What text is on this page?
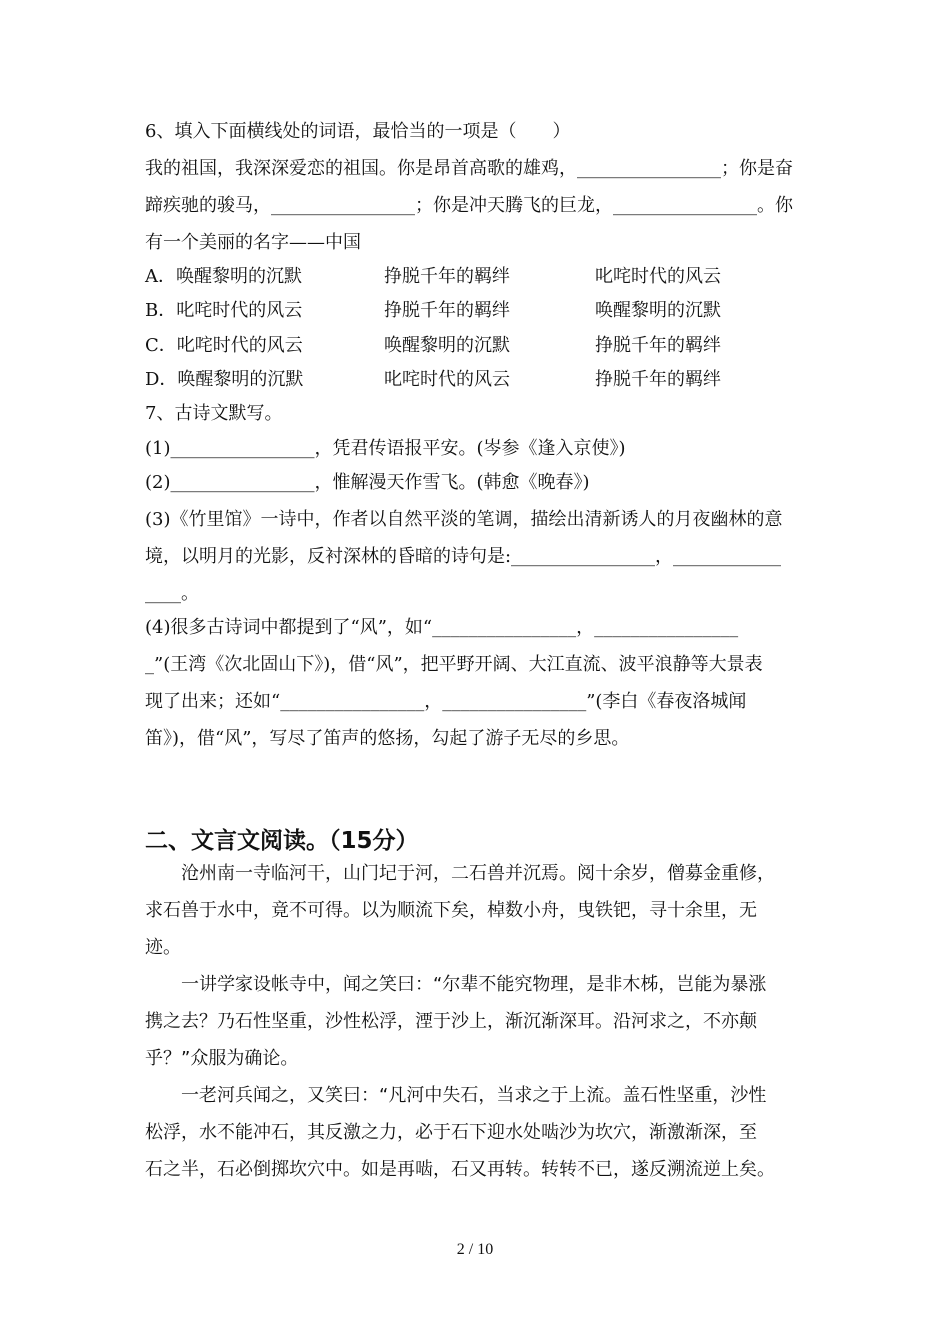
6、填入下面横线处的词语，最恰当的一项是（　　）
我的祖国，我深深爱恋的祖国。你是昂首高歌的雄鸡，________________；你是奋
蹄疾驰的骏马，________________；你是冲天腾飞的巨龙，________________。你
有一个美丽的名字——中国
A．唤醒黎明的沉默	挣脱千年的羁绊	叱咤时代的风云
B．叱咤时代的风云	挣脱千年的羁绊	唤醒黎明的沉默
C．叱咤时代的风云	唤醒黎明的沉默	挣脱千年的羁绊
D．唤醒黎明的沉默	叱咤时代的风云	挣脱千年的羁绊
7、古诗文默写。
(1)________________，凭君传语报平安。(岑参《逢入京使》)
(2)________________，惟解漫天作雪飞。(韩愈《晚春》)
(3)《竹里馆》一诗中，作者以自然平淡的笔调，描绘出清新诱人的月夜幽林的意
境，以明月的光影，反衬深林的昏暗的诗句是:________________，____________
____。
(4)很多古诗词中都提到了“风”，如“________________，________________
_”(王湾《次北固山下》)，借“风”，把平野开阔、大江直流、波平浪静等大景表
现了出来；还如“________________，________________”(李白《春夜洛城闻
笛》)，借“风”，写尽了笛声的悠扬，勾起了游子无尽的乡思。
二、文言文阅读。（15分）
　　沧州南一寺临河干，山门圮于河，二石兽并沉焉。阅十余岁，僧募金重修，
求石兽于水中，竟不可得。以为顺流下矣，棹数小舟，曳铁钯，寻十余里，无
迹。
　　一讲学家设帐寺中，闻之笑曰：“尔辈不能究物理，是非木柹，岂能为暴涨
携之去？乃石性坚重，沙性松浮，湮于沙上，渐沉渐深耳。沿河求之，不亦颠
乎？”众服为确论。
　　一老河兵闻之，又笑曰：“凡河中失石，当求之于上流。盖石性坚重，沙性
松浮，水不能冲石，其反激之力，必于石下迎水处啮沙为坎穴，渐激渐深，至
石之半，石必倒掷坎穴中。如是再啮，石又再转。转转不已，遂反溯流逆上矣。
2 / 10
